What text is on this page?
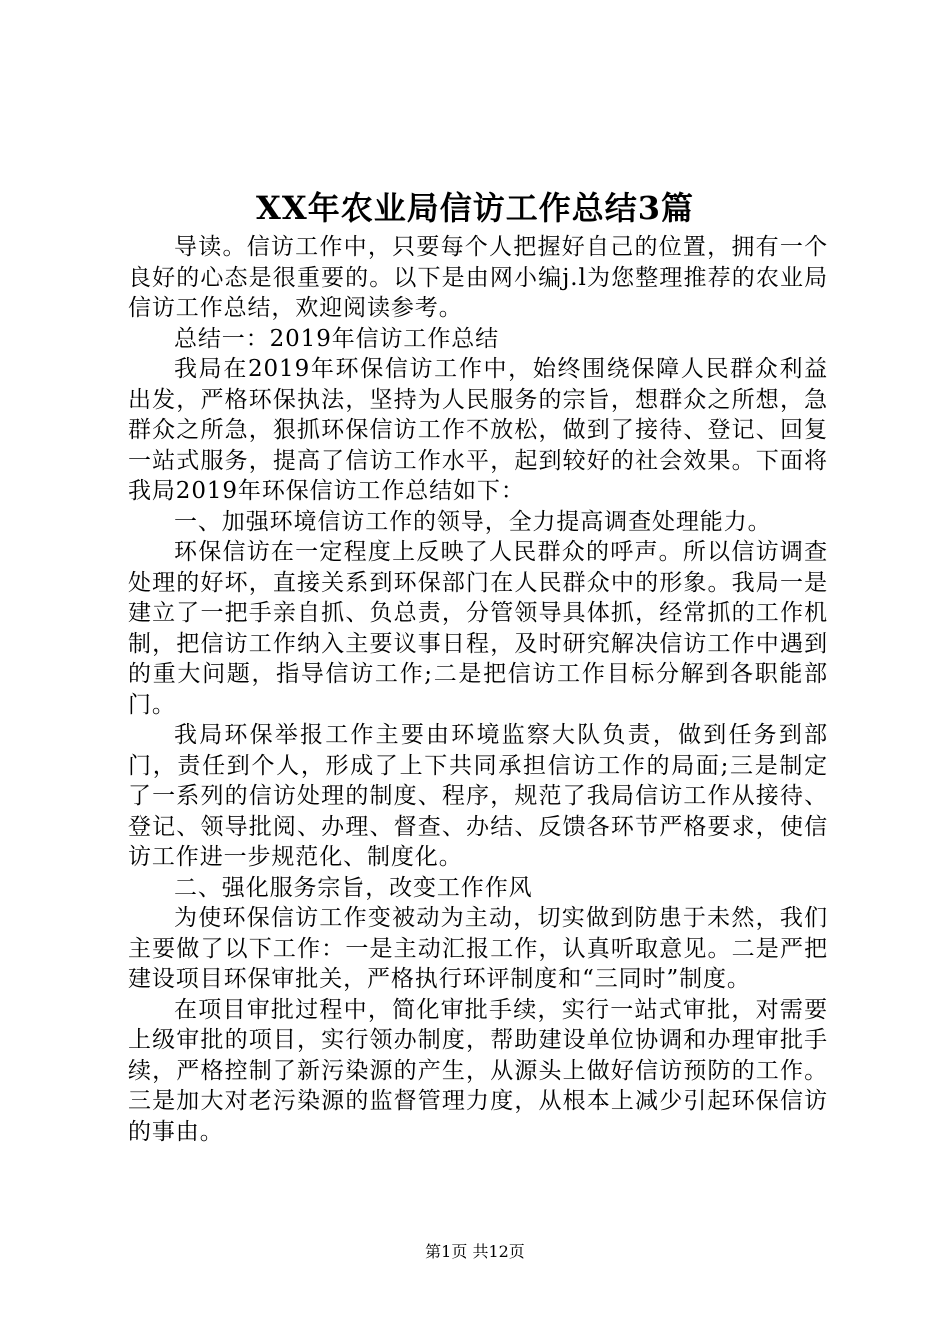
XX年农业局信访工作总结3篇

导读。信访工作中，只要每个人把握好自己的位置，拥有一个良好的心态是很重要的。以下是由网小编j.l为您整理推荐的农业局信访工作总结，欢迎阅读参考。

总结一：2019年信访工作总结

我局在2019年环保信访工作中，始终围绕保障人民群众利益出发，严格环保执法，坚持为人民服务的宗旨，想群众之所想，急群众之所急，狠抓环保信访工作不放松，做到了接待、登记、回复一站式服务，提高了信访工作水平，起到较好的社会效果。下面将我局2019年环保信访工作总结如下：

一、加强环境信访工作的领导，全力提高调查处理能力。

环保信访在一定程度上反映了人民群众的呼声。所以信访调查处理的好坏，直接关系到环保部门在人民群众中的形象。我局一是建立了一把手亲自抓、负总责，分管领导具体抓，经常抓的工作机制，把信访工作纳入主要议事日程，及时研究解决信访工作中遇到的重大问题，指导信访工作;二是把信访工作目标分解到各职能部门。

我局环保举报工作主要由环境监察大队负责，做到任务到部门，责任到个人，形成了上下共同承担信访工作的局面;三是制定了一系列的信访处理的制度、程序，规范了我局信访工作从接待、登记、领导批阅、办理、督查、办结、反馈各环节严格要求，使信访工作进一步规范化、制度化。

二、强化服务宗旨，改变工作作风

为使环保信访工作变被动为主动，切实做到防患于未然，我们主要做了以下工作：一是主动汇报工作，认真听取意见。二是严把建设项目环保审批关，严格执行环评制度和“三同时”制度。

在项目审批过程中，简化审批手续，实行一站式审批，对需要上级审批的项目，实行领办制度，帮助建设单位协调和办理审批手续，严格控制了新污染源的产生，从源头上做好信访预防的工作。三是加大对老污染源的监督管理力度，从根本上减少引起环保信访的事由。

第1页 共12页
